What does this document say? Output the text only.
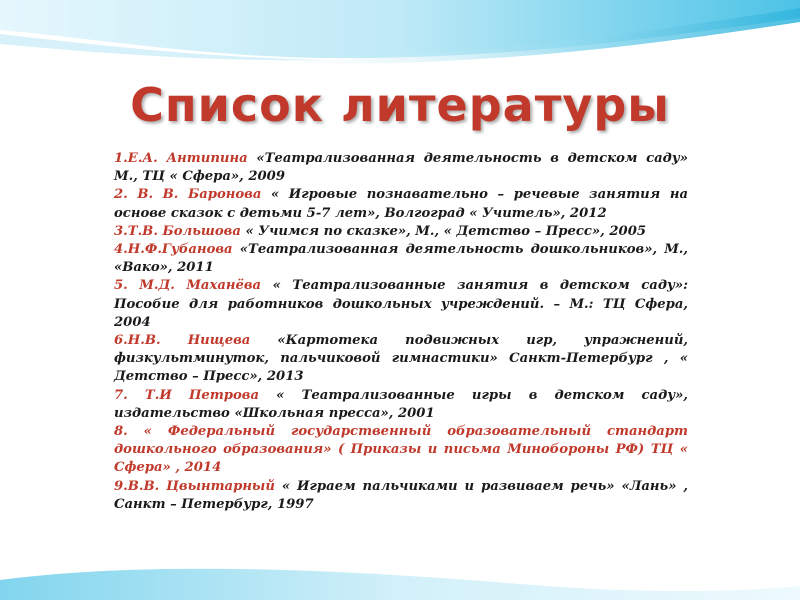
Список литературы
1.Е.А. Антипина «Театрализованная деятельность в детском саду» М., ТЦ « Сфера», 2009
2. В. В. Баронова « Игровые познавательно – речевые занятия на основе сказок с детьми 5-7 лет», Волгоград « Учитель», 2012
3.Т.В. Большова « Учимся по сказке», М., « Детство – Пресс», 2005
4.Н.Ф.Губанова «Театрализованная деятельность дошкольников», М., «Вако», 2011
5. М.Д. Маханёва « Театрализованные занятия в детском саду»: Пособие для работников дошкольных учреждений. – М.: ТЦ Сфера, 2004
6.Н.В. Нищева «Картотека подвижных игр, упражнений, физкультминуток, пальчиковой гимнастики» Санкт-Петербург , « Детство – Пресс», 2013
7. Т.И Петрова « Театрализованные игры в детском саду», издательство «Школьная пресса», 2001
8. « Федеральный государственный образовательный стандарт дошкольного образования» ( Приказы и письма Минобороны РФ) ТЦ « Сфера» , 2014
9.В.В. Цвынтарный « Играем пальчиками и развиваем речь» «Лань» , Санкт – Петербург, 1997
